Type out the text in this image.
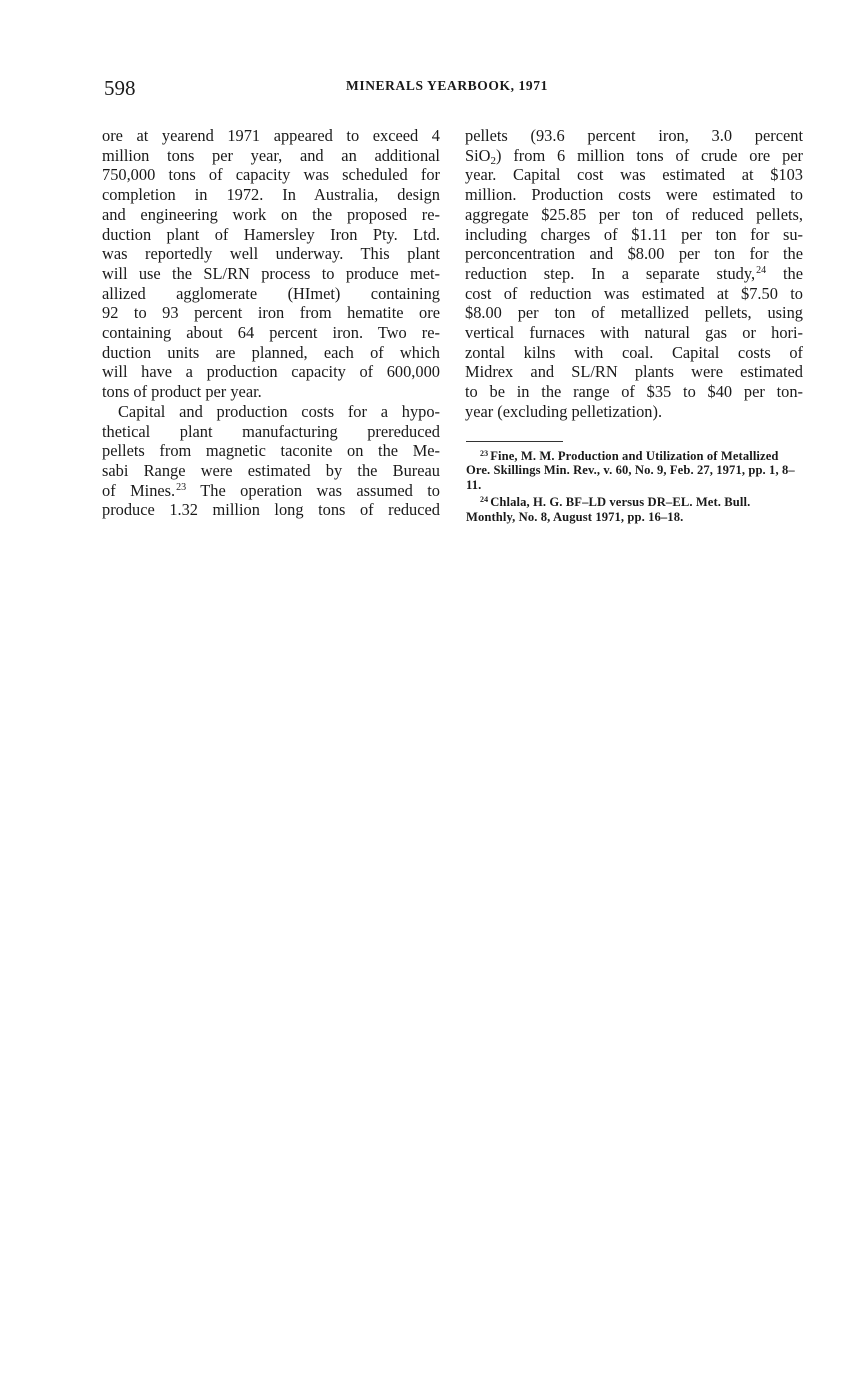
598	MINERALS YEARBOOK, 1971
ore at yearend 1971 appeared to exceed 4
million tons per year, and an additional
750,000 tons of capacity was scheduled for
completion in 1972. In Australia, design
and engineering work on the proposed re-
duction plant of Hamersley Iron Pty. Ltd.
was reportedly well underway. This plant
will use the SL/RN process to produce met-
allized agglomerate (HImet) containing
92 to 93 percent iron from hematite ore
containing about 64 percent iron. Two re-
duction units are planned, each of which
will have a production capacity of 600,000
tons of product per year.
Capital and production costs for a hypo-
thetical plant manufacturing prereduced
pellets from magnetic taconite on the Me-
sabi Range were estimated by the Bureau
of Mines.$^{23}$ The operation was assumed to
produce 1.32 million long tons of reduced
pellets (93.6 percent iron, 3.0 percent
SiO$_2$) from 6 million tons of crude ore per
year. Capital cost was estimated at $103
million. Production costs were estimated to
aggregate $25.85 per ton of reduced pellets,
including charges of $1.11 per ton for su-
perconcentration and $8.00 per ton for the
reduction step. In a separate study,$^{24}$ the
cost of reduction was estimated at $7.50 to
$8.00 per ton of metallized pellets, using
vertical furnaces with natural gas or hori-
zontal kilns with coal. Capital costs of
Midrex and SL/RN plants were estimated
to be in the range of $35 to $40 per ton-
year (excluding pelletization).

$^{23}$ Fine, M. M. Production and Utilization of Metallized Ore. Skillings Min. Rev., v. 60, No. 9, Feb. 27, 1971, pp. 1, 8–11.

$^{24}$ Chlala, H. G. BF–LD versus DR–EL. Met. Bull. Monthly, No. 8, August 1971, pp. 16–18.
